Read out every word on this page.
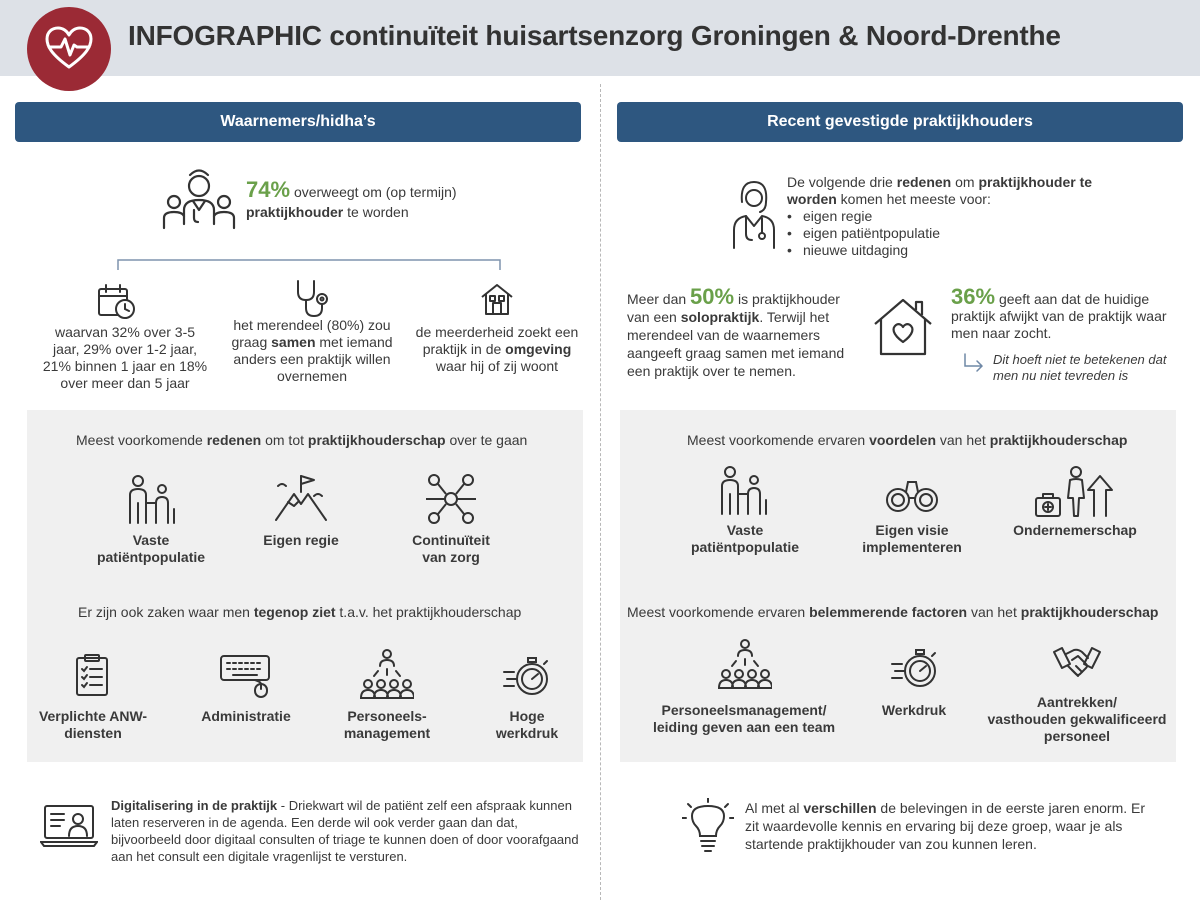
INFOGRAPHIC continuïteit huisartsenzorg Groningen & Noord-Drenthe
Waarnemers/hidha’s	Recent gevestigde praktijkhouders
74% overweegt om (op termijn)
praktijkhouder te worden
waarvan 32% over 3-5 jaar, 29% over 1-2 jaar, 21% binnen 1 jaar en 18% over meer dan 5 jaar
het merendeel (80%) zou graag samen met iemand anders een praktijk willen overnemen
de meerderheid zoekt een praktijk in de omgeving waar hij of zij woont
Meest voorkomende redenen om tot praktijkhouderschap over te gaan
Vaste
patiëntpopulatie
Eigen regie	Continuïteit
van zorg
Er zijn ook zaken waar men tegenop ziet t.a.v. het praktijkhouderschap
Verplichte ANW-
diensten
Administratie	Personeels-
management
Hoge
werkdruk
Digitalisering in de praktijk - Driekwart wil de patiënt zelf een afspraak kunnen laten reserveren in de agenda. Een derde wil ook verder gaan dan dat, bijvoorbeeld door digitaal consulten of triage te kunnen doen of door voorafgaand aan het consult een digitale vragenlijst te versturen.
De volgende drie redenen om praktijkhouder te worden komen het meeste voor:
• eigen regie
• eigen patiëntpopulatie
• nieuwe uitdaging
Meer dan 50% is praktijkhouder van een solopraktijk. Terwijl het merendeel van de waarnemers aangeeft graag samen met iemand een praktijk over te nemen.
36% geeft aan dat de huidige praktijk afwijkt van de praktijk waar men naar zocht.
Dit hoeft niet te betekenen dat men nu niet tevreden is
Meest voorkomende ervaren voordelen van het praktijkhouderschap
Vaste
patiëntpopulatie
Eigen visie
implementeren
Ondernemerschap
Meest voorkomende ervaren belemmerende factoren van het praktijkhouderschap
Personeelsmanagement/
leiding geven aan een team
Werkdruk	Aantrekken/
vasthouden gekwalificeerd
personeel
Al met al verschillen de belevingen in de eerste jaren enorm. Er zit waardevolle kennis en ervaring bij deze groep, waar je als startende praktijkhouder van zou kunnen leren.
